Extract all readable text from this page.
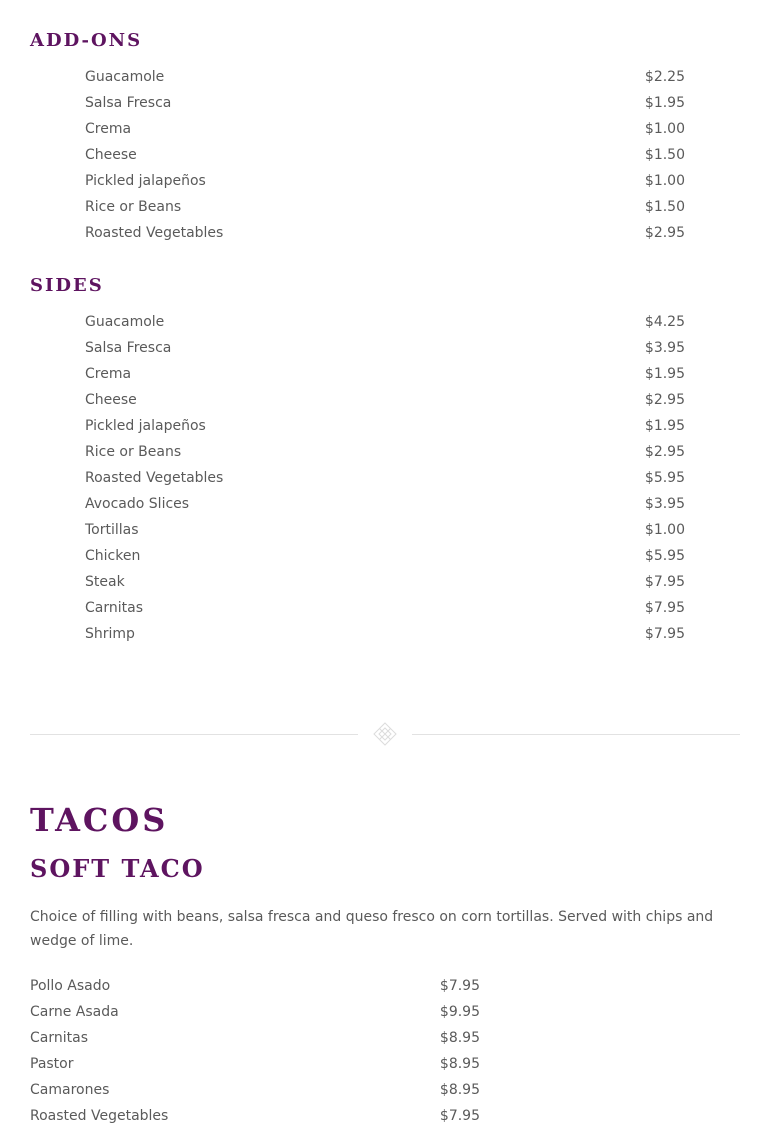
ADD-ONS
Guacamole	$2.25
Salsa Fresca	$1.95
Crema	$1.00
Cheese	$1.50
Pickled jalapeños	$1.00
Rice or Beans	$1.50
Roasted Vegetables	$2.95
SIDES
Guacamole	$4.25
Salsa Fresca	$3.95
Crema	$1.95
Cheese	$2.95
Pickled jalapeños	$1.95
Rice or Beans	$2.95
Roasted Vegetables	$5.95
Avocado Slices	$3.95
Tortillas	$1.00
Chicken	$5.95
Steak	$7.95
Carnitas	$7.95
Shrimp	$7.95
TACOS
SOFT TACO

Choice of filling with beans, salsa fresca and queso fresco on corn tortillas. Served with chips and wedge of lime.

Pollo Asado	$7.95
Carne Asada	$9.95
Carnitas	$8.95
Pastor	$8.95
Camarones	$8.95
Roasted Vegetables	$7.95
